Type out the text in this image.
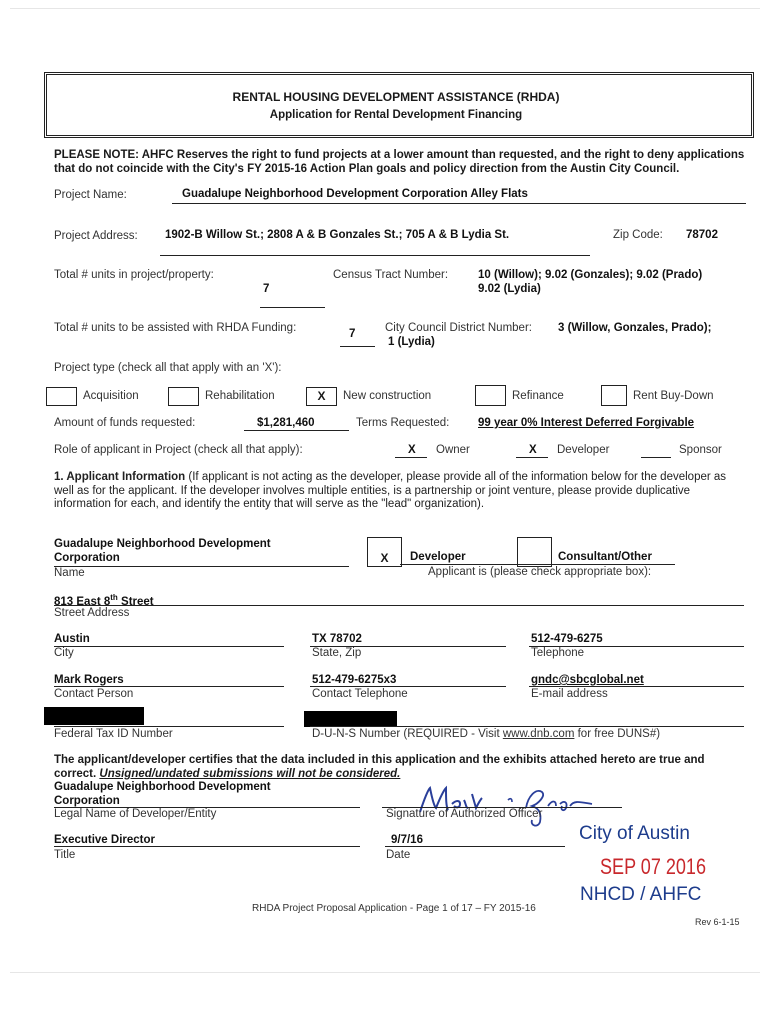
RENTAL HOUSING DEVELOPMENT ASSISTANCE (RHDA)
Application for Rental Development Financing
PLEASE NOTE: AHFC Reserves the right to fund projects at a lower amount than requested, and the right to deny applications that do not coincide with the City's FY 2015-16 Action Plan goals and policy direction from the Austin City Council.
Project Name:	Guadalupe Neighborhood Development Corporation Alley Flats
Project Address: 1902-B Willow St.; 2808 A & B Gonzales St.; 705 A & B Lydia St.	Zip Code: 78702
Total # units in project/property:
7
Census Tract Number:	10 (Willow); 9.02 (Gonzales); 9.02 (Prado)
9.02 (Lydia)
Total # units to be assisted with RHDA Funding:	7	City Council District Number: 3 (Willow, Gonzales, Prado);
1 (Lydia)
Project type (check all that apply with an 'X'):
Acquisition	Rehabilitation	X	New construction	Refinance	Rent Buy-Down
Amount of funds requested:	$1,281,460	Terms Requested: 99 year 0% Interest Deferred Forgivable
Role of applicant in Project (check all that apply):	X Owner	X Developer	Sponsor
1. Applicant Information (If applicant is not acting as the developer, please provide all of the information below for the developer as well as for the applicant. If the developer involves multiple entities, is a partnership or joint venture, please provide duplicative information for each, and identify the entity that will serve as the "lead" organization).
Guadalupe Neighborhood Development
Corporation
Name
X	Developer	Consultant/Other
Applicant is (please check appropriate box):
813 East 8th Street
Street Address
Austin
City
TX 78702
State, Zip
512-479-6275
Telephone
Mark Rogers
Contact Person
512-479-6275x3
Contact Telephone
gndc@sbcglobal.net
E-mail address
Federal Tax ID Number	D-U-N-S Number (REQUIRED - Visit www.dnb.com for free DUNS#)
The applicant/developer certifies that the data included in this application and the exhibits attached hereto are true and correct. Unsigned/undated submissions will not be considered.
Guadalupe Neighborhood Development
Corporation
Legal Name of Developer/Entity	Signature of Authorized Officer
Executive Director
Title
9/7/16
Date
City of Austin
SEP 07 2016
NHCD / AHFC
RHDA Project Proposal Application - Page 1 of 17 – FY 2015-16
Rev 6-1-15
